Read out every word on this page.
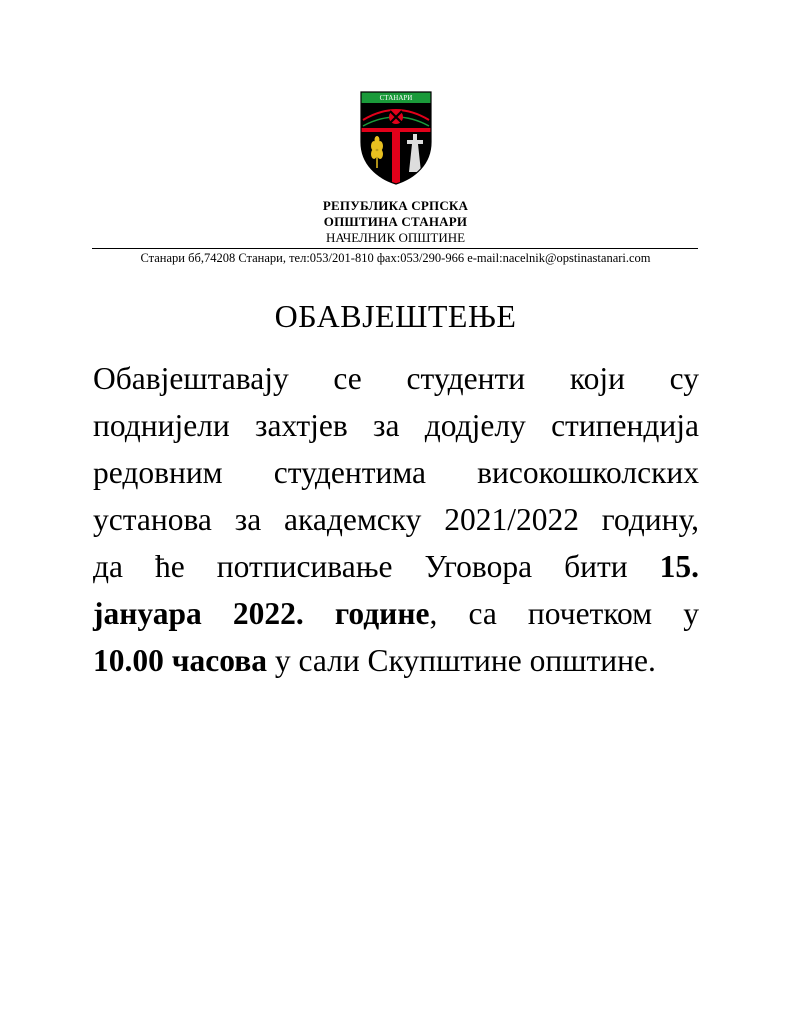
СТАНАРИ
РЕПУБЛИКА СРПСКА
ОПШТИНА СТАНАРИ
НАЧЕЛНИК ОПШТИНЕ
Станари бб,74208 Станари, тел:053/201-810 фах:053/290-966 e-mail:nacelnik@opstinastanari.com
ОБАВЈЕШТЕЊЕ
Обавјештавају се студенти који су
поднијели захтјев за додјелу стипендија
редовним студентима високошколских
установа за академску 2021/2022 годину,
да ће потписивање Уговора бити 15.
јануара 2022. године, са почетком у
10.00 часова у сали Скупштине општине.
